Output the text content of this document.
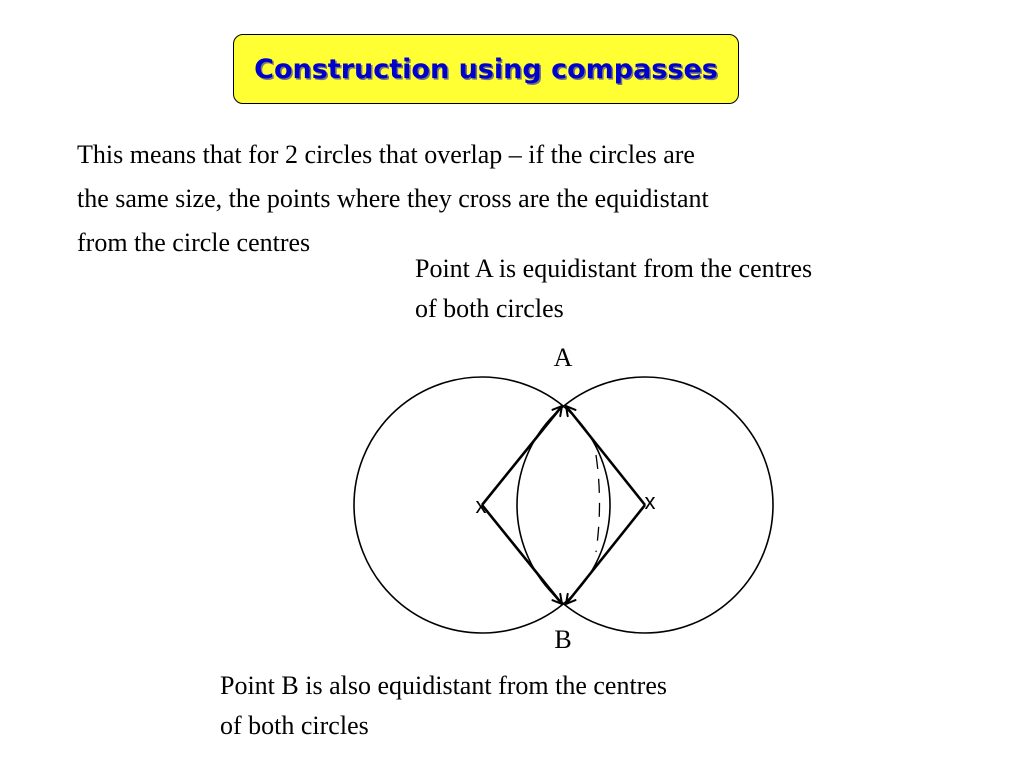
Construction using compasses

This means that for 2 circles that overlap – if the circles are
the same size, the points where they cross are the equidistant
from the circle centres

Point A is equidistant from the centres
of both circles

A
B
x	x

Point B is also equidistant from the centres
of both circles
